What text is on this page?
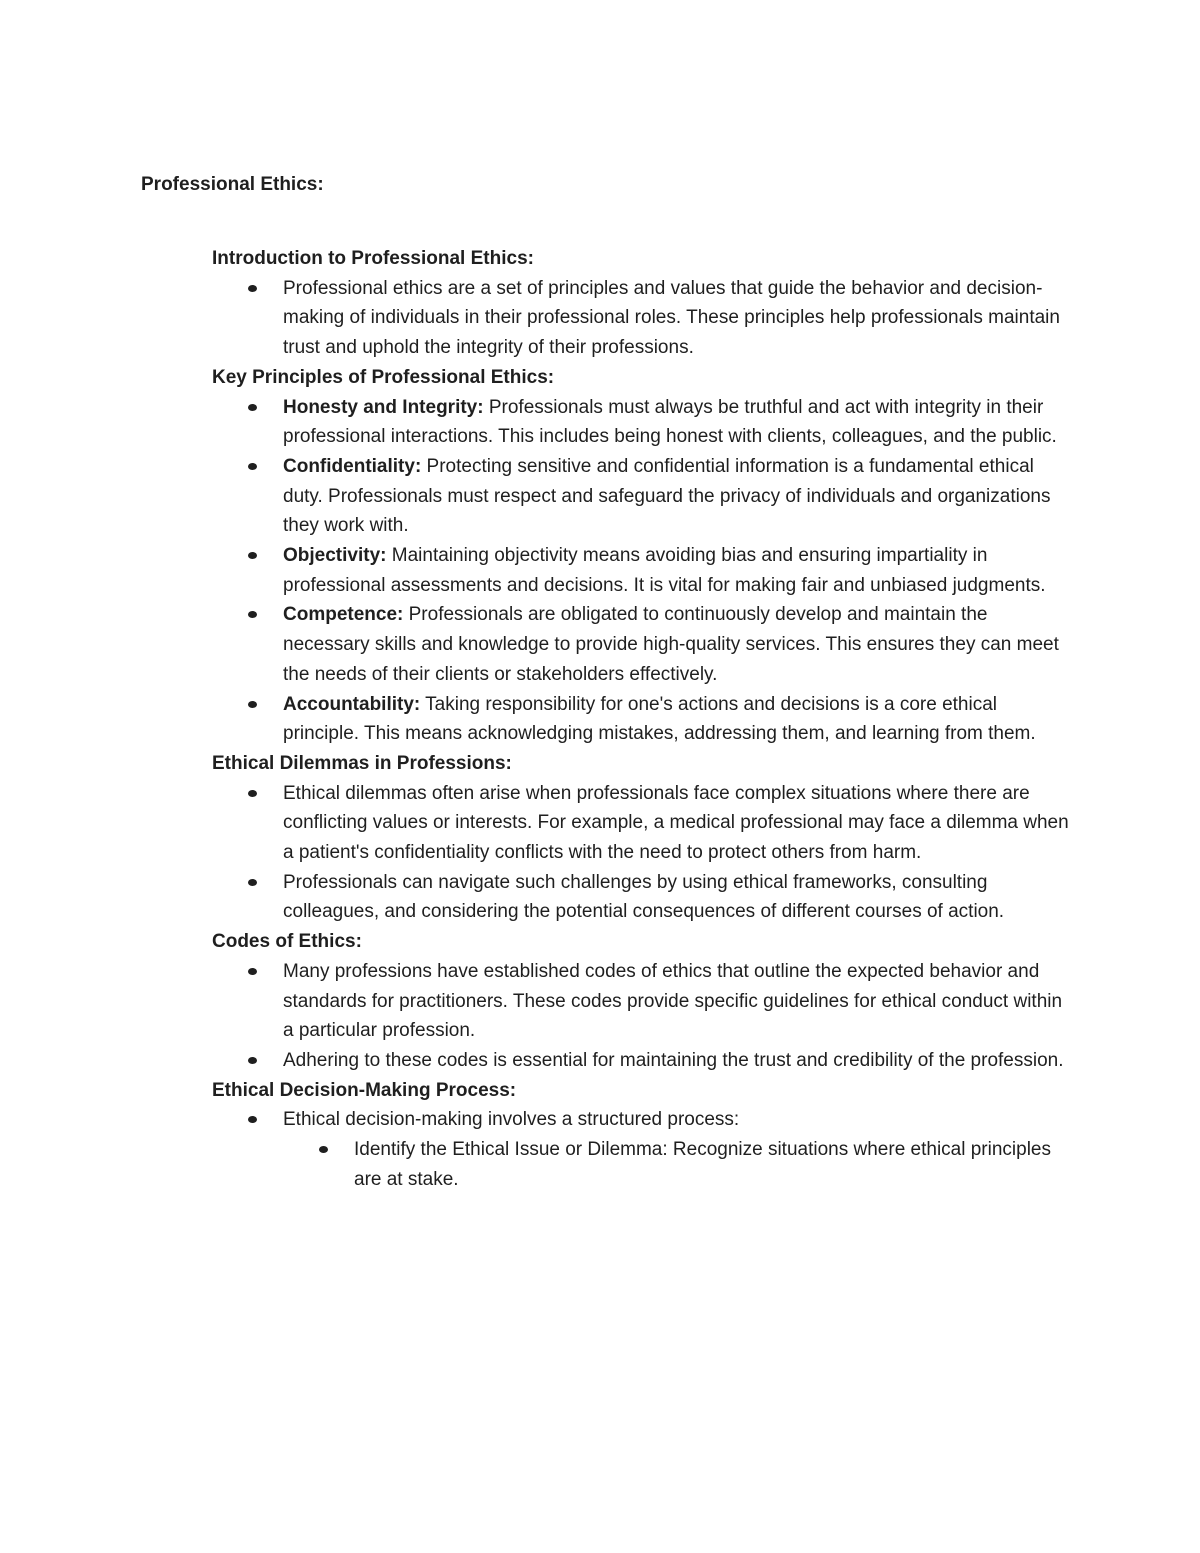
Professional Ethics:
Introduction to Professional Ethics:
Professional ethics are a set of principles and values that guide the behavior and decision-making of individuals in their professional roles. These principles help professionals maintain trust and uphold the integrity of their professions.
Key Principles of Professional Ethics:
Honesty and Integrity: Professionals must always be truthful and act with integrity in their professional interactions. This includes being honest with clients, colleagues, and the public.
Confidentiality: Protecting sensitive and confidential information is a fundamental ethical duty. Professionals must respect and safeguard the privacy of individuals and organizations they work with.
Objectivity: Maintaining objectivity means avoiding bias and ensuring impartiality in professional assessments and decisions. It is vital for making fair and unbiased judgments.
Competence: Professionals are obligated to continuously develop and maintain the necessary skills and knowledge to provide high-quality services. This ensures they can meet the needs of their clients or stakeholders effectively.
Accountability: Taking responsibility for one's actions and decisions is a core ethical principle. This means acknowledging mistakes, addressing them, and learning from them.
Ethical Dilemmas in Professions:
Ethical dilemmas often arise when professionals face complex situations where there are conflicting values or interests. For example, a medical professional may face a dilemma when a patient's confidentiality conflicts with the need to protect others from harm.
Professionals can navigate such challenges by using ethical frameworks, consulting colleagues, and considering the potential consequences of different courses of action.
Codes of Ethics:
Many professions have established codes of ethics that outline the expected behavior and standards for practitioners. These codes provide specific guidelines for ethical conduct within a particular profession.
Adhering to these codes is essential for maintaining the trust and credibility of the profession.
Ethical Decision-Making Process:
Ethical decision-making involves a structured process:
Identify the Ethical Issue or Dilemma: Recognize situations where ethical principles are at stake.
